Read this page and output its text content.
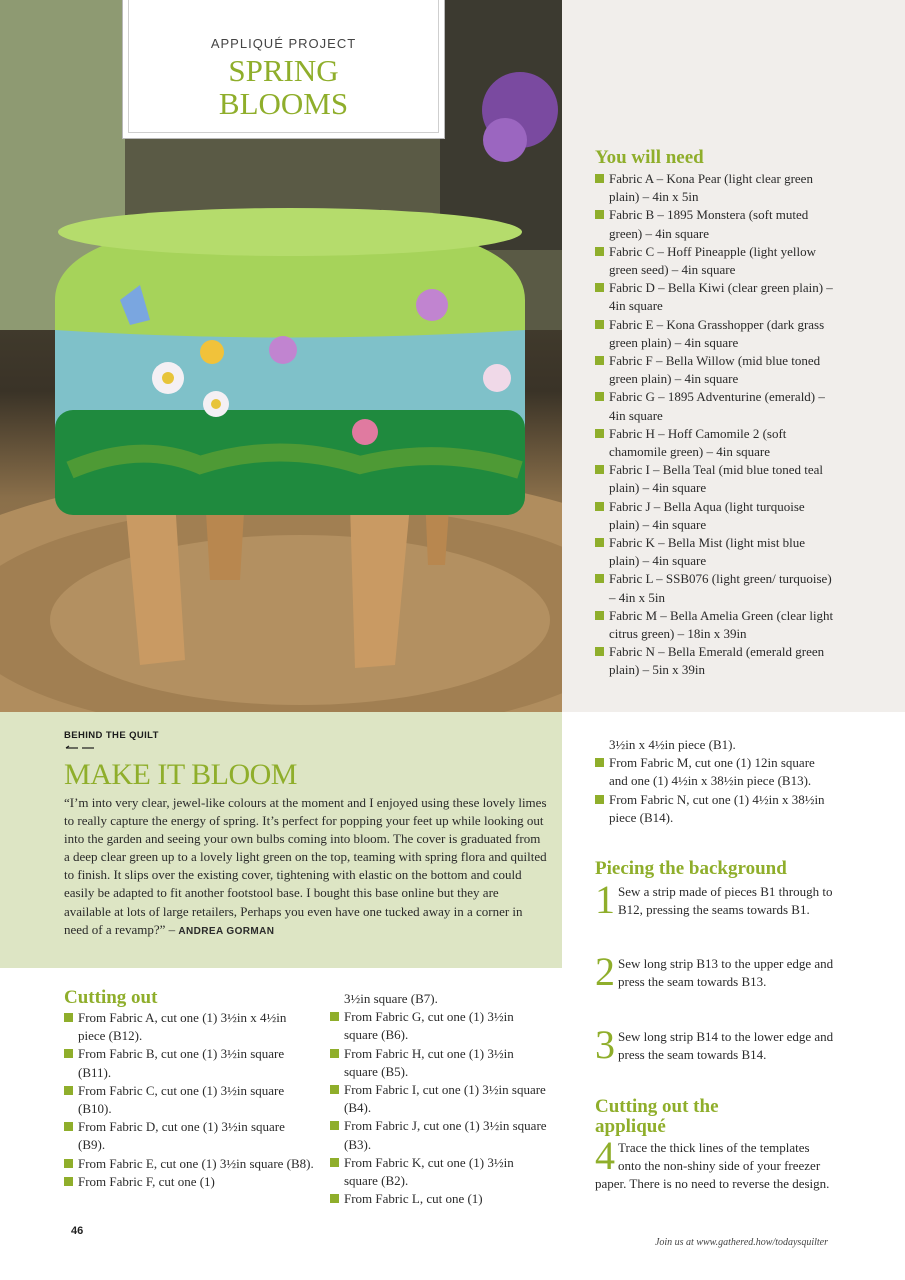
APPLIQUÉ PROJECT
SPRING
BLOOMS
You will need
Fabric A – Kona Pear (light clear green plain) – 4in x 5in
Fabric B – 1895 Monstera (soft muted green) – 4in square
Fabric C – Hoff Pineapple (light yellow green seed) – 4in square
Fabric D – Bella Kiwi (clear green plain) – 4in square
Fabric E – Kona Grasshopper (dark grass green plain) – 4in square
Fabric F – Bella Willow (mid blue toned green plain) – 4in square
Fabric G – 1895 Adventurine (emerald) – 4in square
Fabric H – Hoff Camomile 2 (soft chamomile green) – 4in square
Fabric I – Bella Teal (mid blue toned teal plain) – 4in square
Fabric J – Bella Aqua (light turquoise plain) – 4in square
Fabric K – Bella Mist (light mist blue plain) – 4in square
Fabric L – SSB076 (light green/ turquoise) – 4in x 5in
Fabric M – Bella Amelia Green (clear light citrus green) – 18in x 39in
Fabric N – Bella Emerald (emerald green plain) – 5in x 39in
BEHIND THE QUILT
MAKE IT BLOOM

“I’m into very clear, jewel-like colours at the moment and I enjoyed using these lovely limes to really capture the energy of spring. It’s perfect for popping your feet up while looking out into the garden and seeing your own bulbs coming into bloom. The cover is graduated from a deep clear green up to a lovely light green on the top, teaming with spring flora and quilted to finish. It slips over the existing cover, tightening with elastic on the bottom and could easily be adapted to fit another footstool base. I bought this base online but they are available at lots of large retailers, Perhaps you even have one tucked away in a corner in need of a revamp?” – ANDREA GORMAN

Cutting out
From Fabric A, cut one (1) 3½in x 4½in piece (B12).
From Fabric B, cut one (1) 3½in square (B11).
From Fabric C, cut one (1) 3½in square (B10).
From Fabric D, cut one (1) 3½in square (B9).
From Fabric E, cut one (1) 3½in square (B8).
From Fabric F, cut one (1)
3½in square (B7).
From Fabric G, cut one (1) 3½in square (B6).
From Fabric H, cut one (1) 3½in square (B5).
From Fabric I, cut one (1) 3½in square (B4).
From Fabric J, cut one (1) 3½in square (B3).
From Fabric K, cut one (1) 3½in square (B2).
From Fabric L, cut one (1)
3½in x 4½in piece (B1).
From Fabric M, cut one (1) 12in square and one (1) 4½in x 38½in piece (B13).
From Fabric N, cut one (1) 4½in x 38½in piece (B14).
Piecing the background
1 Sew a strip made of pieces B1 through to B12, pressing the seams towards B1.
2 Sew long strip B13 to the upper edge and press the seam towards B13.
3 Sew long strip B14 to the lower edge and press the seam towards B14.
Cutting out the
appliqué
4 Trace the thick lines of the templates onto the non-shiny side of your freezer paper. There is no need to reverse the design.
46
Join us at www.gathered.how/todaysquilter
